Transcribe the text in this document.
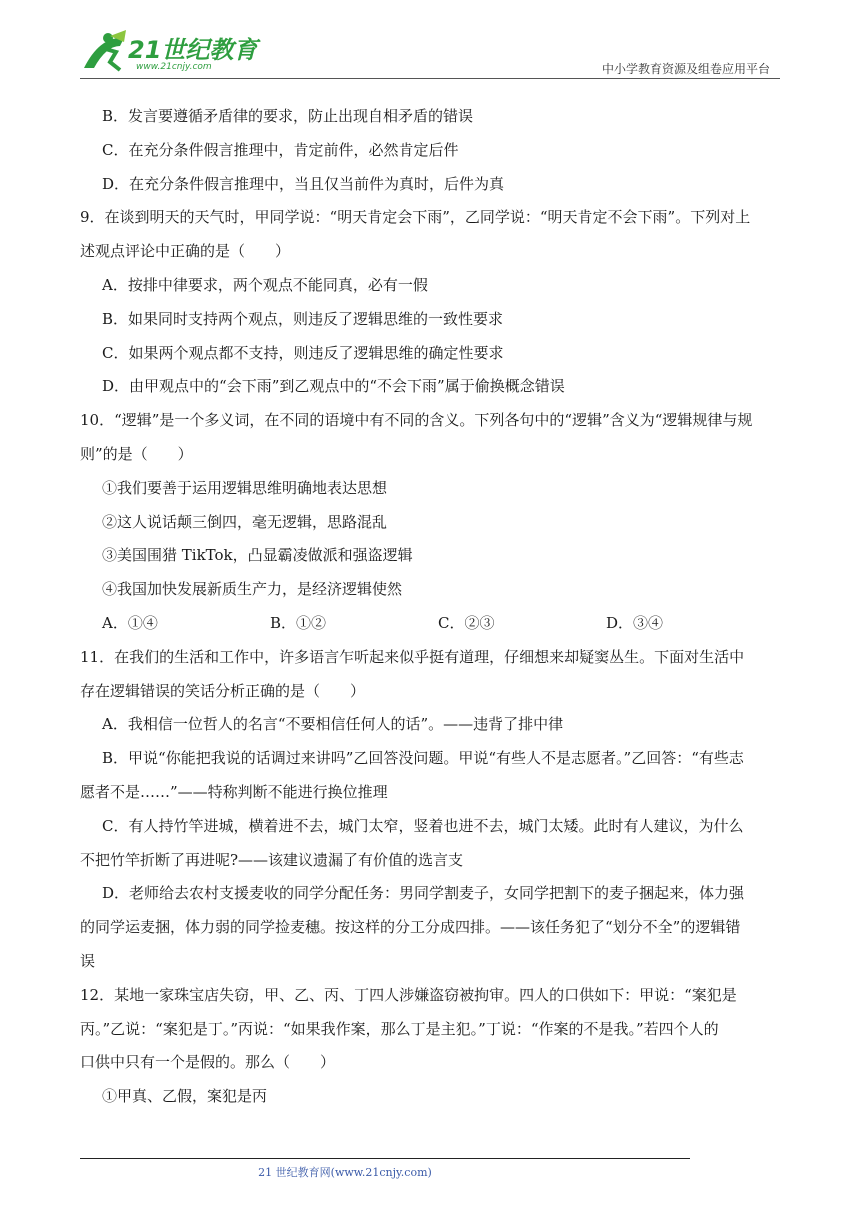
21世纪教育
www.21cnjy.com	中小学教育资源及组卷应用平台
B．发言要遵循矛盾律的要求，防止出现自相矛盾的错误
C．在充分条件假言推理中，肯定前件，必然肯定后件
D．在充分条件假言推理中，当且仅当前件为真时，后件为真
9．在谈到明天的天气时，甲同学说：“明天肯定会下雨”，乙同学说：“明天肯定不会下雨”。下列对上
述观点评论中正确的是（　　）
A．按排中律要求，两个观点不能同真，必有一假
B．如果同时支持两个观点，则违反了逻辑思维的一致性要求
C．如果两个观点都不支持，则违反了逻辑思维的确定性要求
D．由甲观点中的“会下雨”到乙观点中的“不会下雨”属于偷换概念错误
10．“逻辑”是一个多义词，在不同的语境中有不同的含义。下列各句中的“逻辑”含义为“逻辑规律与规
则”的是（　　）
①我们要善于运用逻辑思维明确地表达思想
②这人说话颠三倒四，毫无逻辑，思路混乱
③美国围猎 TikTok，凸显霸凌做派和强盗逻辑
④我国加快发展新质生产力，是经济逻辑使然
A．①④	B．①②	C．②③	D．③④
11．在我们的生活和工作中，许多语言乍听起来似乎挺有道理，仔细想来却疑窦丛生。下面对生活中
存在逻辑错误的笑话分析正确的是（　　）
A．我相信一位哲人的名言“不要相信任何人的话”。——违背了排中律
B．甲说“你能把我说的话调过来讲吗”乙回答没问题。甲说“有些人不是志愿者。”乙回答：“有些志
愿者不是……”——特称判断不能进行换位推理
C．有人持竹竿进城，横着进不去，城门太窄，竖着也进不去，城门太矮。此时有人建议，为什么
不把竹竿折断了再进呢?——该建议遗漏了有价值的选言支
D．老师给去农村支援麦收的同学分配任务：男同学割麦子，女同学把割下的麦子捆起来，体力强
的同学运麦捆，体力弱的同学捡麦穗。按这样的分工分成四排。——该任务犯了“划分不全”的逻辑错
误
12．某地一家珠宝店失窃，甲、乙、丙、丁四人涉嫌盗窃被拘审。四人的口供如下：甲说：“案犯是
丙。”乙说：“案犯是丁。”丙说：“如果我作案，那么丁是主犯。”丁说：“作案的不是我。”若四个人的
口供中只有一个是假的。那么（　　）
①甲真、乙假，案犯是丙
21 世纪教育网(www.21cnjy.com)
